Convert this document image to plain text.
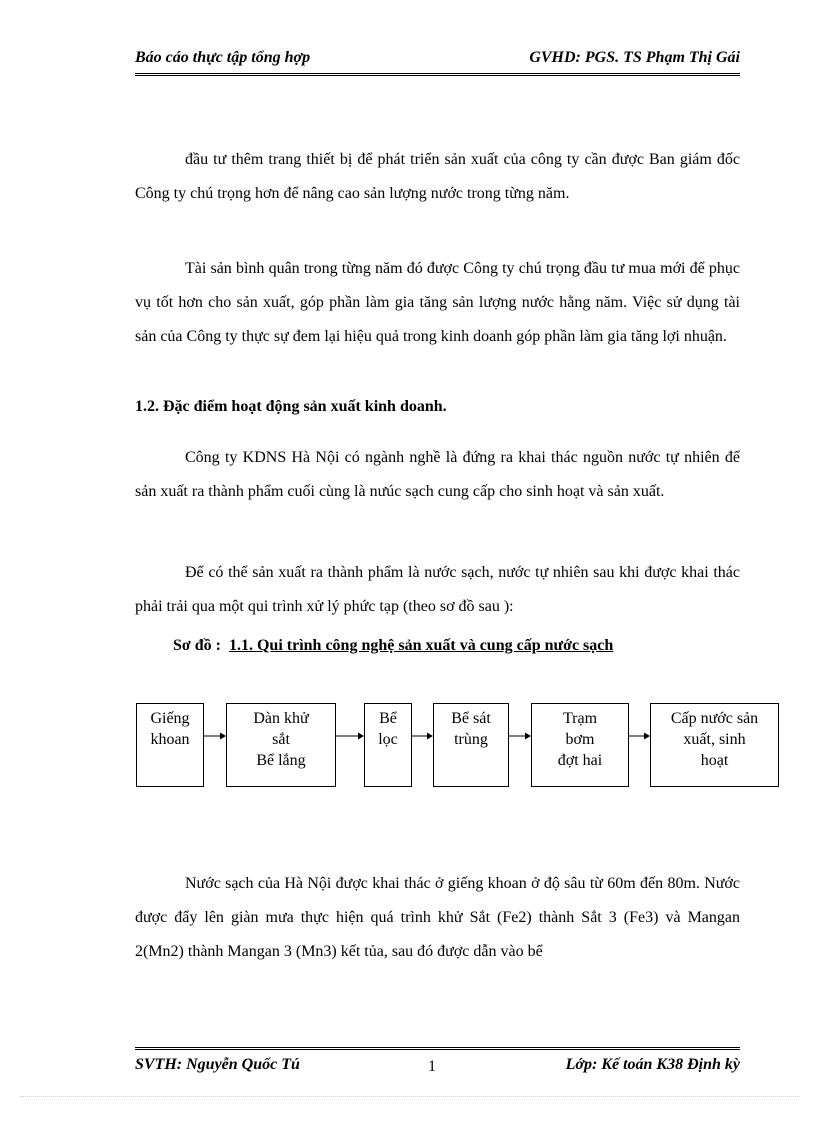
Báo cáo thực tập tổng hợp	GVHD: PGS. TS Phạm Thị Gái

đầu tư thêm trang thiết bị để phát triển sản xuất của công ty cần được Ban giám đốc Công ty chú trọng hơn để nâng cao sản lượng nước trong từng năm.

Tài sản bình quân trong từng năm đó được Công ty chú trọng đầu tư mua mới để phục vụ tốt hơn cho sản xuất, góp phần làm gia tăng sản lượng nước hằng năm. Việc sử dụng tài sản của Công ty thực sự đem lại hiệu quả trong kinh doanh góp phần làm gia tăng lợi nhuận.

1.2. Đặc điểm hoạt động sản xuất kinh doanh.

Công ty KDNS Hà Nội có ngành nghề là đứng ra khai thác nguồn nước tự nhiên để sản xuất ra thành phẩm cuối cùng là nưúc sạch cung cấp cho sinh hoạt và sản xuất.

Để có thể sản xuất ra thành phẩm là nước sạch, nước tự nhiên sau khi được khai thác phải trải qua một qui trình xử lý phức tạp (theo sơ đồ sau ):

Sơ đồ : 1.1. Qui trình công nghệ sản xuất và cung cấp nước sạch

Giếng
khoan
Dàn khử
sắt
Bể lắng
Bể
lọc
Bể sát
trùng
Trạm
bơm
đợt hai
Cấp nước sản
xuất, sinh
hoạt

Nước sạch của Hà Nội được khai thác ở giếng khoan ở độ sâu từ 60m đến 80m. Nước được đẩy lên giàn mưa thực hiện quá trình khử Sắt (Fe2) thành Sắt 3 (Fe3) và Mangan 2(Mn2) thành Mangan 3 (Mn3) kết tủa, sau đó được dẫn vào bể

SVTH: Nguyễn Quốc Tú	1	Lớp: Kế toán K38 Định kỳ
